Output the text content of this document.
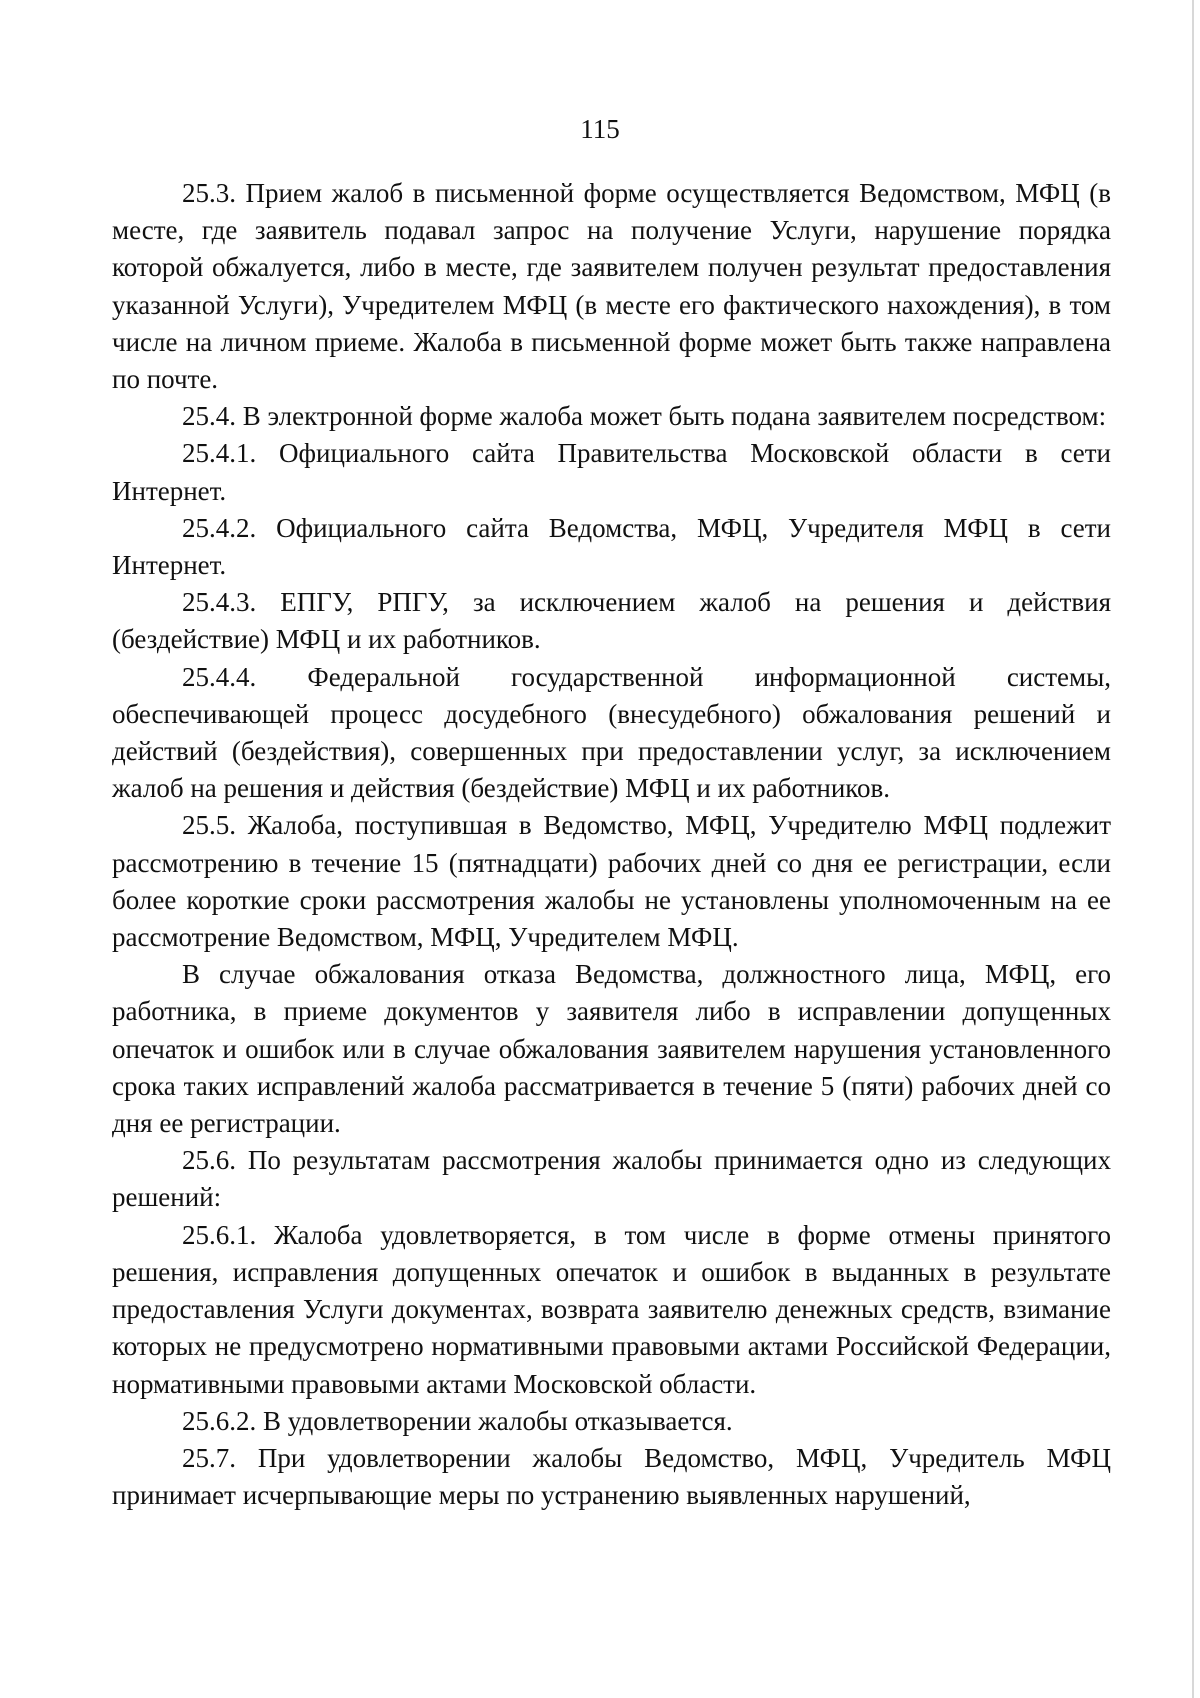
115

25.3. Прием жалоб в письменной форме осуществляется Ведомством, МФЦ (в месте, где заявитель подавал запрос на получение Услуги, нарушение порядка которой обжалуется, либо в месте, где заявителем получен результат предоставления указанной Услуги), Учредителем МФЦ (в месте его фактического нахождения), в том числе на личном приеме. Жалоба в письменной форме может быть также направлена по почте.

25.4. В электронной форме жалоба может быть подана заявителем посредством:

25.4.1. Официального сайта Правительства Московской области в сети Интернет.

25.4.2. Официального сайта Ведомства, МФЦ, Учредителя МФЦ в сети Интернет.

25.4.3. ЕПГУ, РПГУ, за исключением жалоб на решения и действия (бездействие) МФЦ и их работников.

25.4.4. Федеральной государственной информационной системы, обеспечивающей процесс досудебного (внесудебного) обжалования решений и действий (бездействия), совершенных при предоставлении услуг, за исключением жалоб на решения и действия (бездействие) МФЦ и их работников.

25.5. Жалоба, поступившая в Ведомство, МФЦ, Учредителю МФЦ подлежит рассмотрению в течение 15 (пятнадцати) рабочих дней со дня ее регистрации, если более короткие сроки рассмотрения жалобы не установлены уполномоченным на ее рассмотрение Ведомством, МФЦ, Учредителем МФЦ.

В случае обжалования отказа Ведомства, должностного лица, МФЦ, его работника, в приеме документов у заявителя либо в исправлении допущенных опечаток и ошибок или в случае обжалования заявителем нарушения установленного срока таких исправлений жалоба рассматривается в течение 5 (пяти) рабочих дней со дня ее регистрации.

25.6. По результатам рассмотрения жалобы принимается одно из следующих решений:

25.6.1. Жалоба удовлетворяется, в том числе в форме отмены принятого решения, исправления допущенных опечаток и ошибок в выданных в результате предоставления Услуги документах, возврата заявителю денежных средств, взимание которых не предусмотрено нормативными правовыми актами Российской Федерации, нормативными правовыми актами Московской области.

25.6.2. В удовлетворении жалобы отказывается.

25.7. При удовлетворении жалобы Ведомство, МФЦ, Учредитель МФЦ принимает исчерпывающие меры по устранению выявленных нарушений,
